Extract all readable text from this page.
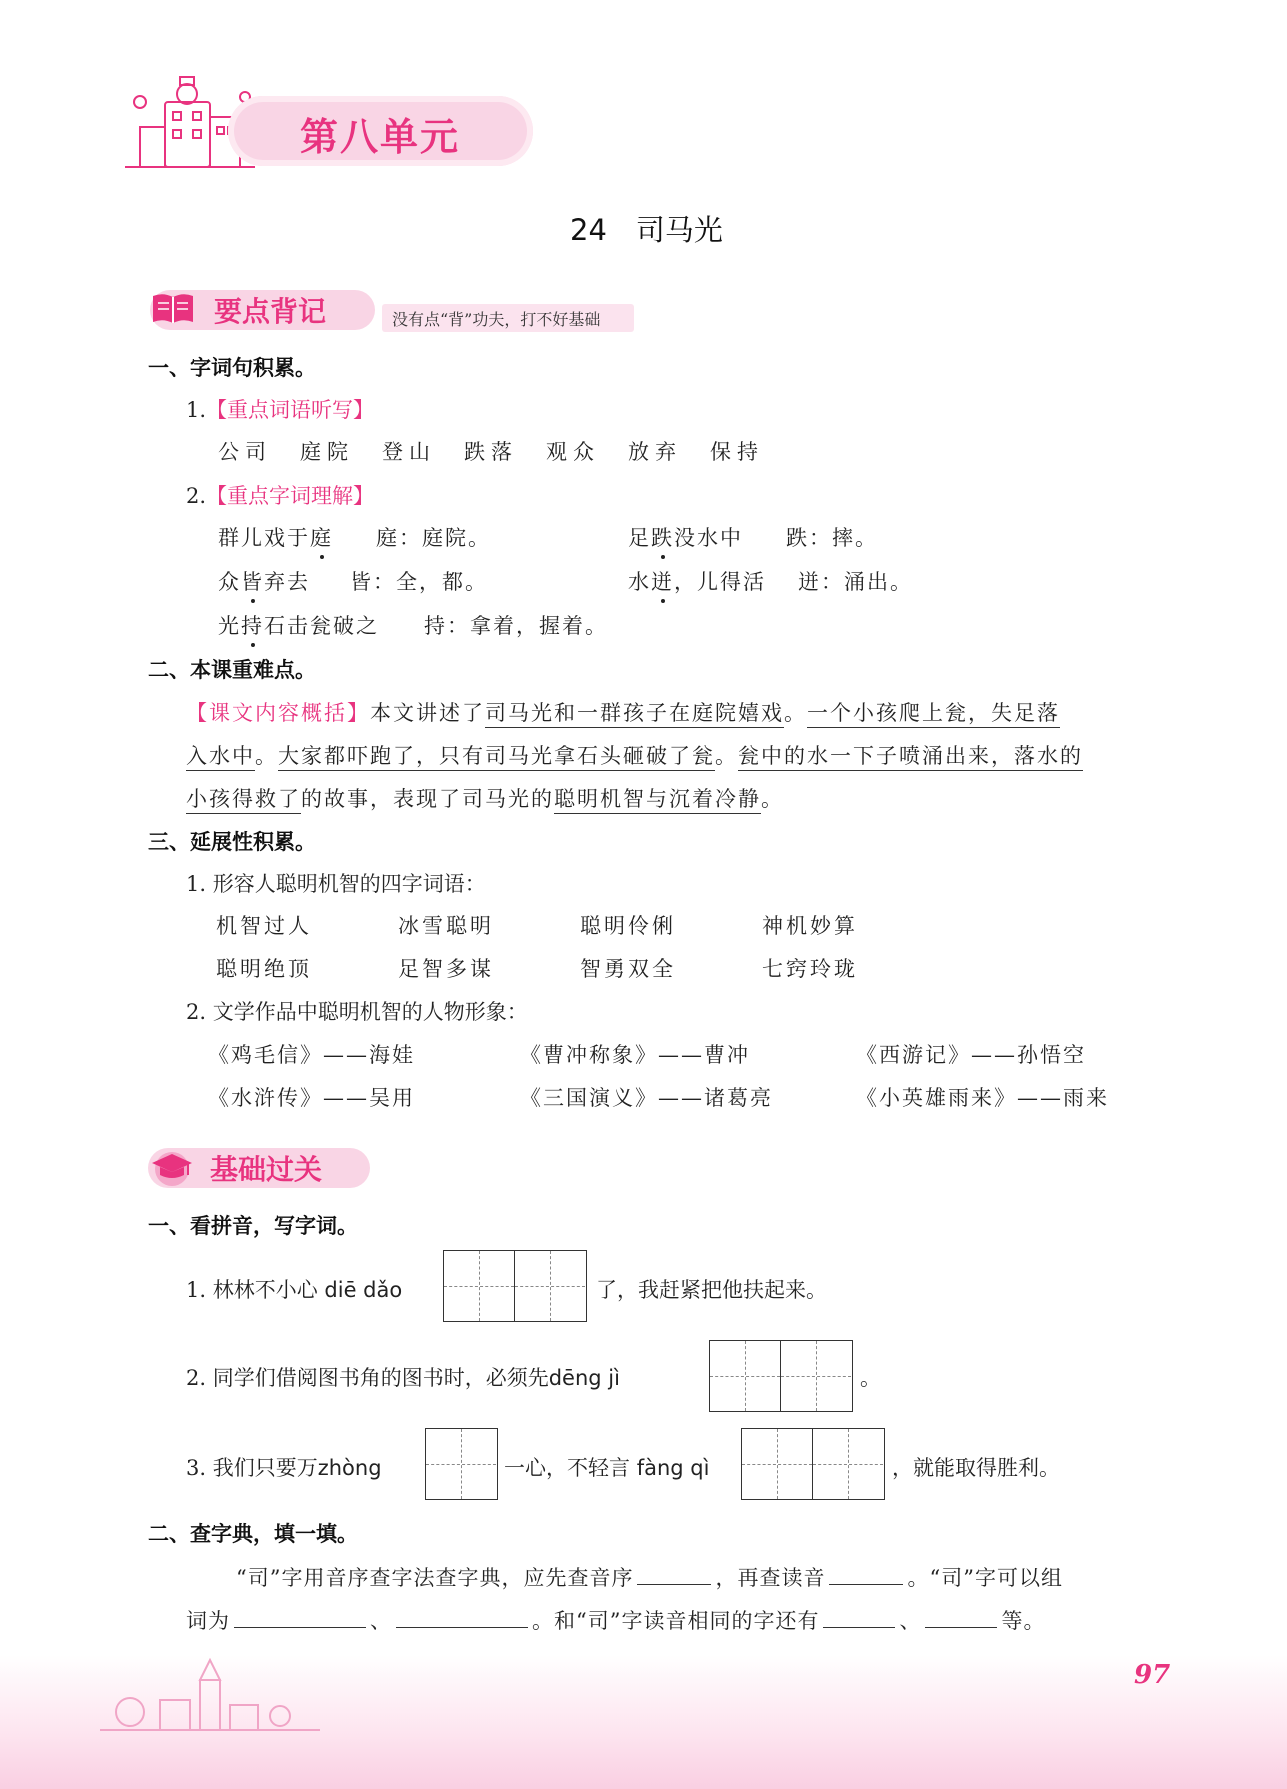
第八单元
24　司马光
要点背记	没有点“背”功夫，打不好基础
一、字词句积累。
1.【重点词语听写】
公司 庭院 登山 跌落 观众 放弃 保持
2.【重点字词理解】
群儿戏于庭 庭：庭院。	足跌没水中 跌：摔。
众皆弃去 皆：全，都。	水迸，儿得活 迸：涌出。
光持石击瓮破之 持：拿着，握着。
二、本课重难点。
【课文内容概括】本文讲述了司马光和一群孩子在庭院嬉戏。一个小孩爬上瓮，失足落
入水中。大家都吓跑了，只有司马光拿石头砸破了瓮。瓮中的水一下子喷涌出来，落水的
小孩得救了的故事，表现了司马光的聪明机智与沉着冷静。
三、延展性积累。
1. 形容人聪明机智的四字词语：
机智过人	冰雪聪明	聪明伶俐	神机妙算
聪明绝顶	足智多谋	智勇双全	七窍玲珑
2. 文学作品中聪明机智的人物形象：
《鸡毛信》——海娃	《曹冲称象》——曹冲	《西游记》——孙悟空
《水浒传》——吴用	《三国演义》——诸葛亮	《小英雄雨来》——雨来
基础过关
一、看拼音，写字词。
1. 林林不小心 diē dǎo	了，我赶紧把他扶起来。
2. 同学们借阅图书角的图书时，必须先dēng jì	。
3. 我们只要万zhòng	一心，不轻言 fàng qì	，就能取得胜利。
二、查字典，填一填。
“司”字用音序查字法查字典，应先查音序	，再查读音	。“司”字可以组
词为	、	。和“司”字读音相同的字还有	、	等。
97
